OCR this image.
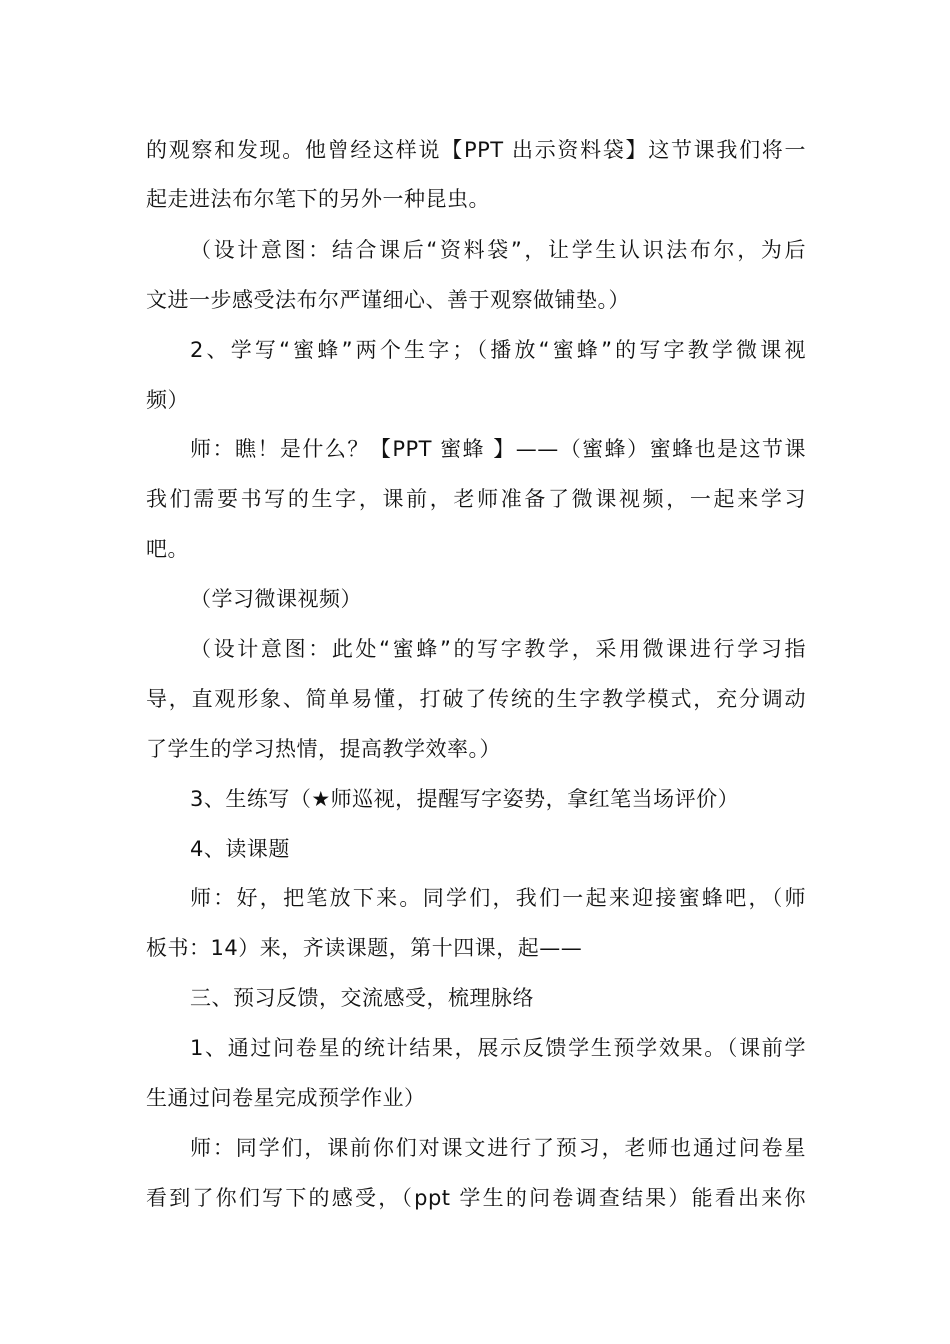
的观察和发现。他曾经这样说【PPT 出示资料袋】这节课我们将一
起走进法布尔笔下的另外一种昆虫。
（设计意图：结合课后“资料袋”，让学生认识法布尔，为后
文进一步感受法布尔严谨细心、善于观察做铺垫。）
2、学写“蜜蜂”两个生字；（播放“蜜蜂”的写字教学微课视
频）
师：瞧！是什么？【PPT 蜜蜂 】——（蜜蜂）蜜蜂也是这节课
我们需要书写的生字，课前，老师准备了微课视频，一起来学习
吧。
（学习微课视频）
（设计意图：此处“蜜蜂”的写字教学，采用微课进行学习指
导，直观形象、简单易懂，打破了传统的生字教学模式，充分调动
了学生的学习热情，提高教学效率。）
3、生练写（★师巡视，提醒写字姿势，拿红笔当场评价）
4、读课题
师：好，把笔放下来。同学们，我们一起来迎接蜜蜂吧，（师
板书：14）来，齐读课题，第十四课，起——
三、预习反馈，交流感受，梳理脉络
1、通过问卷星的统计结果，展示反馈学生预学效果。（课前学
生通过问卷星完成预学作业）
师：同学们，课前你们对课文进行了预习，老师也通过问卷星
看到了你们写下的感受，（ppt 学生的问卷调查结果）能看出来你
